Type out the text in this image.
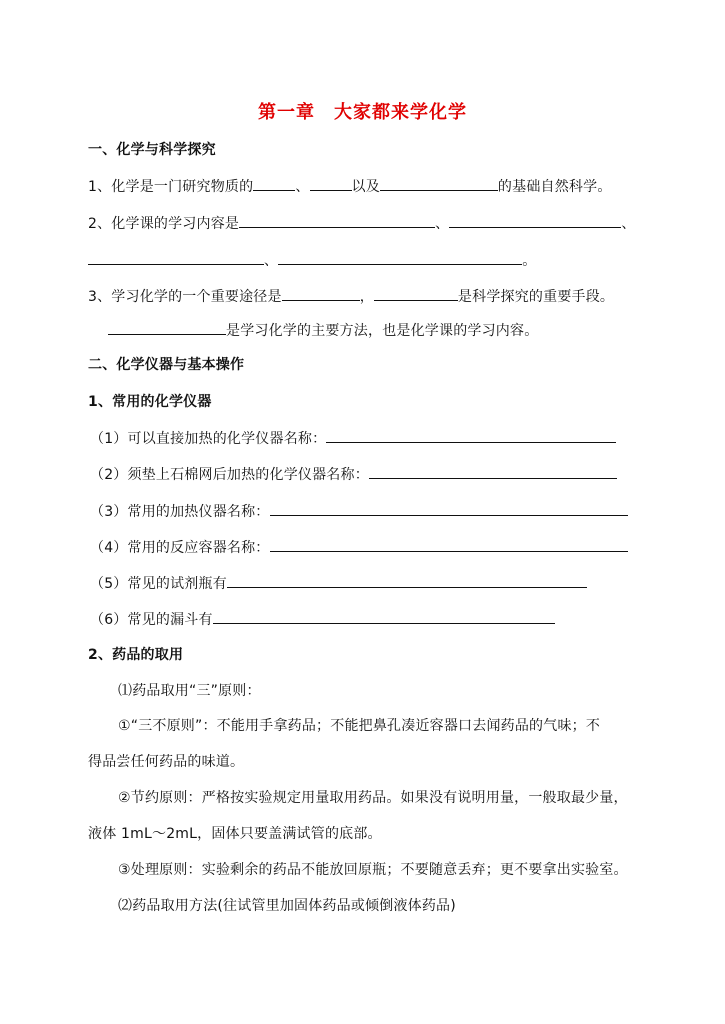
第一章　大家都来学化学
一、化学与科学探究
1、化学是一门研究物质的	、	以及	的基础自然科学。
2、化学课的学习内容是	、	、
、	。
3、学习化学的一个重要途径是	，	是科学探究的重要手段。
是学习化学的主要方法，也是化学课的学习内容。
二、化学仪器与基本操作
1、常用的化学仪器
（1）可以直接加热的化学仪器名称：
（2）须垫上石棉网后加热的化学仪器名称：
（3）常用的加热仪器名称：
（4）常用的反应容器名称：
（5）常见的试剂瓶有
（6）常见的漏斗有
2、药品的取用
⑴药品取用“三”原则：
①“三不原则”：不能用手拿药品；不能把鼻孔凑近容器口去闻药品的气味；不
得品尝任何药品的味道。
②节约原则：严格按实验规定用量取用药品。如果没有说明用量，一般取最少量，
液体 1mL～2mL，固体只要盖满试管的底部。
③处理原则：实验剩余的药品不能放回原瓶；不要随意丢弃；更不要拿出实验室。
⑵药品取用方法(往试管里加固体药品或倾倒液体药品)
